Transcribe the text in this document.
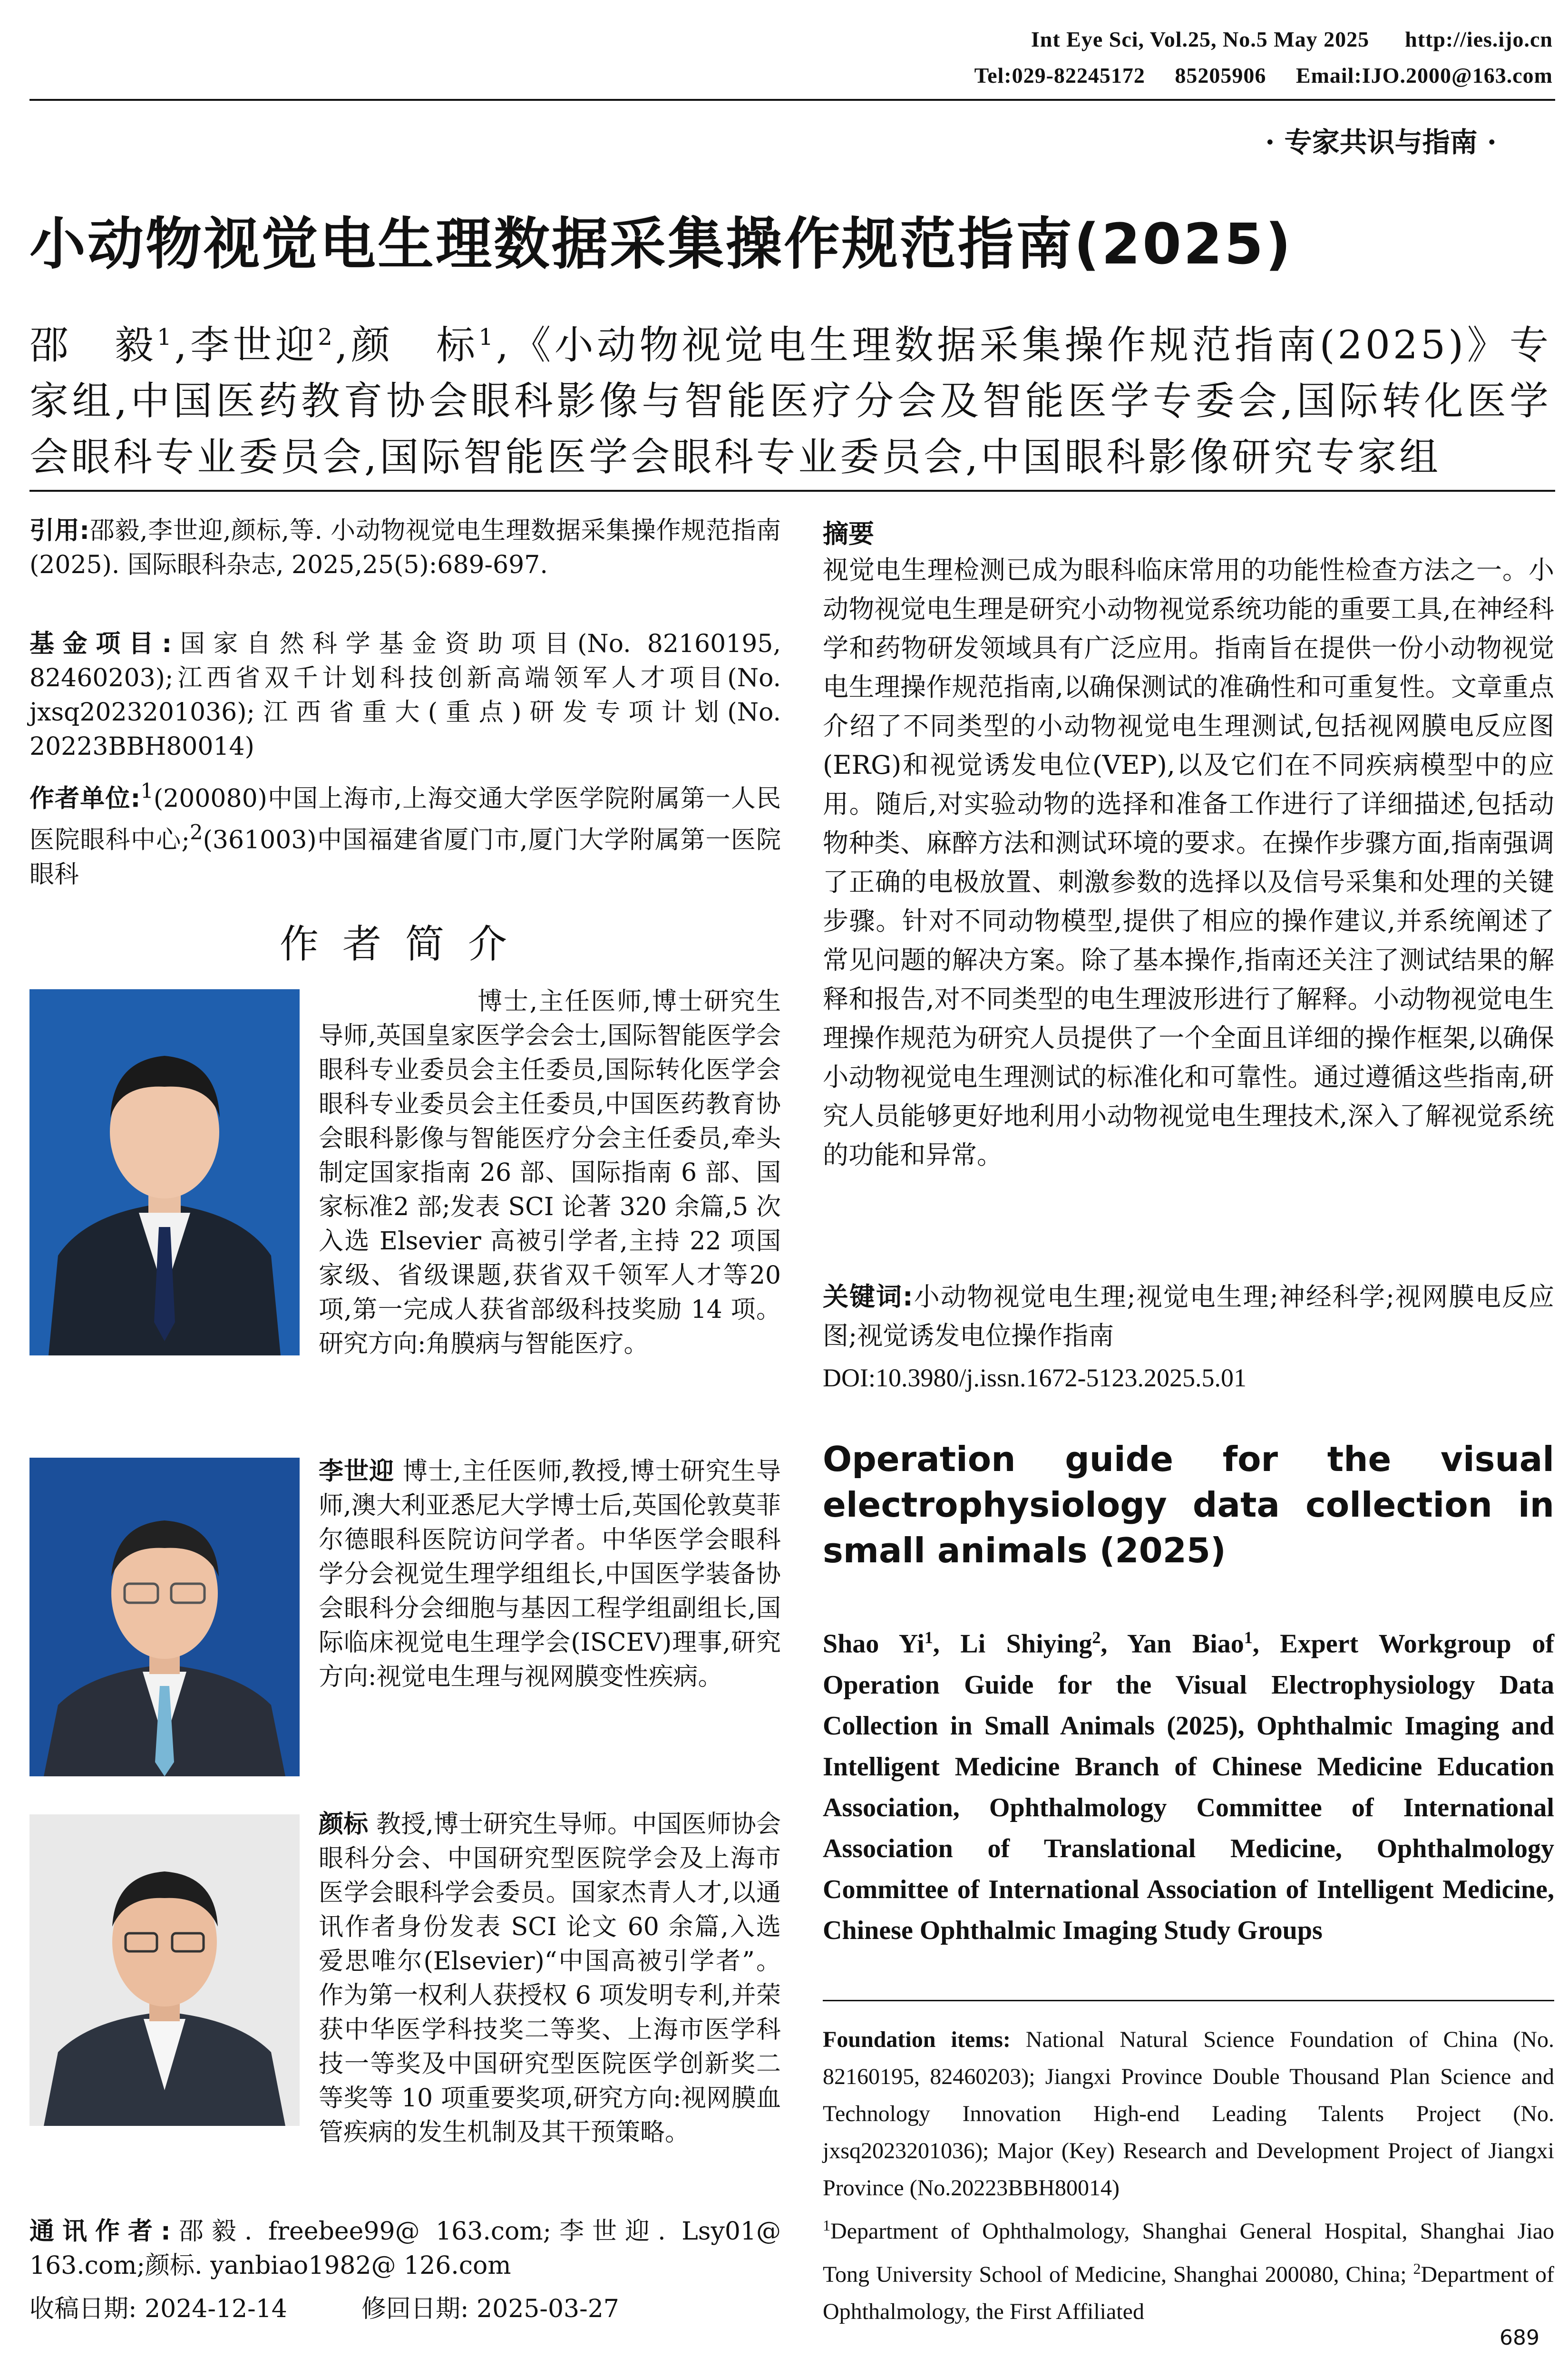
Int Eye Sci, Vol.25, No.5 May 2025      http://ies.ijo.cn
Tel:029-82245172     85205906     Email:IJO.2000@163.com
· 专家共识与指南 ·
小动物视觉电生理数据采集操作规范指南(2025)
邵　毅$^1$,李世迎$^2$,颜　标$^1$,《小动物视觉电生理数据采集操作规范指南(2025)》专家组,中国医药教育协会眼科影像与智能医疗分会及智能医学专委会,国际转化医学会眼科专业委员会,国际智能医学会眼科专业委员会,中国眼科影像研究专家组
引用:邵毅,李世迎,颜标,等. 小动物视觉电生理数据采集操作规范指南(2025). 国际眼科杂志, 2025,25(5):689-697.
基金项目:国家自然科学基金资助项目(No. 82160195, 82460203);江西省双千计划科技创新高端领军人才项目(No. jxsq2023201036);江西省重大(重点)研发专项计划(No. 20223BBH80014)
作者单位:$^1$(200080)中国上海市,上海交通大学医学院附属第一人民医院眼科中心;$^2$(361003)中国福建省厦门市,厦门大学附属第一医院眼科
作者简介
博士,主任医师,博士研究生导师,英国皇家医学会会士,国际智能医学会眼科专业委员会主任委员,国际转化医学会眼科专业委员会主任委员,中国医药教育协会眼科影像与智能医疗分会主任委员,牵头制定国家指南 26 部、国际指南 6 部、国家标准2 部;发表 SCI 论著 320 余篇,5 次入选 Elsevier 高被引学者,主持 22 项国家级、省级课题,获省双千领军人才等20 项,第一完成人获省部级科技奖励 14 项。研究方向:角膜病与智能医疗。
李世迎 博士,主任医师,教授,博士研究生导师,澳大利亚悉尼大学博士后,英国伦敦莫菲尔德眼科医院访问学者。中华医学会眼科学分会视觉生理学组组长,中国医学装备协会眼科分会细胞与基因工程学组副组长,国际临床视觉电生理学会(ISCEV)理事,研究方向:视觉电生理与视网膜变性疾病。
颜标 教授,博士研究生导师。中国医师协会眼科分会、中国研究型医院学会及上海市医学会眼科学会委员。国家杰青人才,以通讯作者身份发表 SCI 论文 60 余篇,入选爱思唯尔(Elsevier)“中国高被引学者”。作为第一权利人获授权 6 项发明专利,并荣获中华医学科技奖二等奖、上海市医学科技一等奖及中国研究型医院医学创新奖二等奖等 10 项重要奖项,研究方向:视网膜血管疾病的发生机制及其干预策略。
通讯作者:邵毅. freebee99@ 163.com;李世迎. Lsy01@ 163.com;颜标. yanbiao1982@ 126.com
收稿日期: 2024-12-14	修回日期: 2025-03-27
摘要
视觉电生理检测已成为眼科临床常用的功能性检查方法之一。小动物视觉电生理是研究小动物视觉系统功能的重要工具,在神经科学和药物研发领域具有广泛应用。指南旨在提供一份小动物视觉电生理操作规范指南,以确保测试的准确性和可重复性。文章重点介绍了不同类型的小动物视觉电生理测试,包括视网膜电反应图(ERG)和视觉诱发电位(VEP),以及它们在不同疾病模型中的应用。随后,对实验动物的选择和准备工作进行了详细描述,包括动物种类、麻醉方法和测试环境的要求。在操作步骤方面,指南强调了正确的电极放置、刺激参数的选择以及信号采集和处理的关键步骤。针对不同动物模型,提供了相应的操作建议,并系统阐述了常见问题的解决方案。除了基本操作,指南还关注了测试结果的解释和报告,对不同类型的电生理波形进行了解释。小动物视觉电生理操作规范为研究人员提供了一个全面且详细的操作框架,以确保小动物视觉电生理测试的标准化和可靠性。通过遵循这些指南,研究人员能够更好地利用小动物视觉电生理技术,深入了解视觉系统的功能和异常。
关键词:小动物视觉电生理;视觉电生理;神经科学;视网膜电反应图;视觉诱发电位操作指南
DOI:10.3980/j.issn.1672-5123.2025.5.01
Operation guide for the visual electrophysiology data collection in small animals (2025)
Shao Yi$^1$, Li Shiying$^2$, Yan Biao$^1$, Expert Workgroup of Operation Guide for the Visual Electrophysiology Data Collection in Small Animals (2025), Ophthalmic Imaging and Intelligent Medicine Branch of Chinese Medicine Education Association, Ophthalmology Committee of International Association of Translational Medicine, Ophthalmology Committee of International Association of Intelligent Medicine, Chinese Ophthalmic Imaging Study Groups
Foundation items: National Natural Science Foundation of China (No. 82160195, 82460203); Jiangxi Province Double Thousand Plan Science and Technology Innovation High-end Leading Talents Project (No. jxsq2023201036); Major (Key) Research and Development Project of Jiangxi Province (No.20223BBH80014)
$^1$Department of Ophthalmology, Shanghai General Hospital, Shanghai Jiao Tong University School of Medicine, Shanghai 200080, China; $^2$Department of Ophthalmology, the First Affiliated
689
